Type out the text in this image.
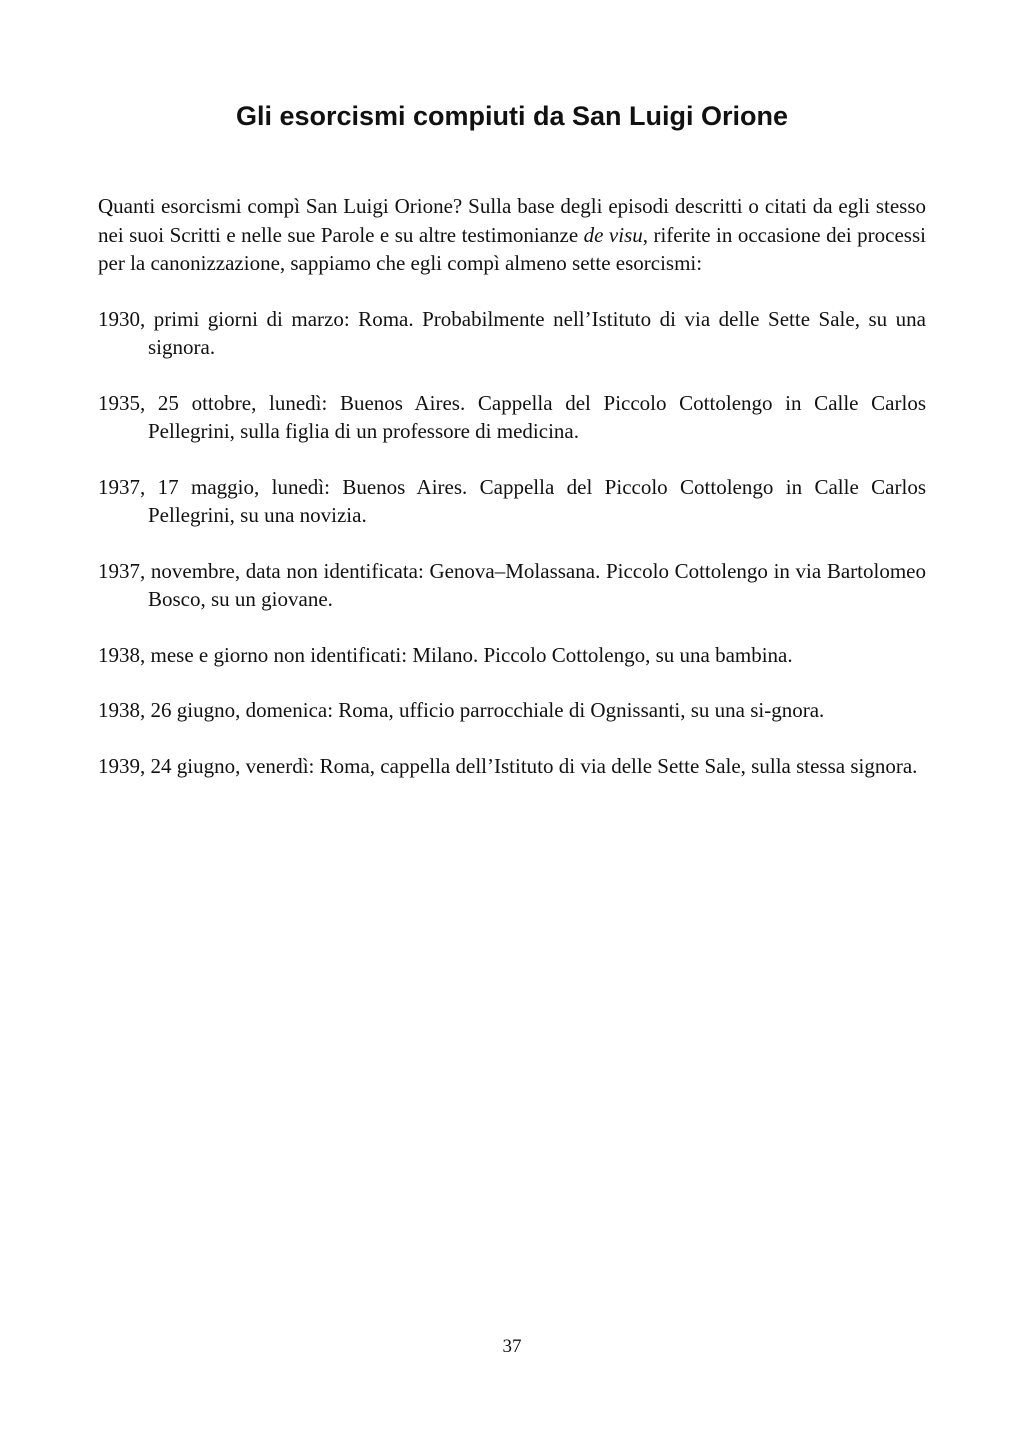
Gli esorcismi compiuti da San Luigi Orione

Quanti esorcismi compì San Luigi Orione? Sulla base degli episodi descritti o citati da egli stesso nei suoi Scritti e nelle sue Parole e su altre testimonianze de visu, riferite in occasione dei processi per la canonizzazione, sappiamo che egli compì almeno sette esorcismi:

1930, primi giorni di marzo: Roma. Probabilmente nell’Istituto di via delle Sette Sale, su una signora.

1935, 25 ottobre, lunedì: Buenos Aires. Cappella del Piccolo Cottolengo in Calle Carlos Pellegrini, sulla figlia di un professore di medicina.

1937, 17 maggio, lunedì: Buenos Aires. Cappella del Piccolo Cottolengo in Calle Carlos Pellegrini, su una novizia.

1937, novembre, data non identificata: Genova–Molassana. Piccolo Cottolengo in via Bartolomeo Bosco, su un giovane.

1938, mese e giorno non identificati: Milano. Piccolo Cottolengo, su una bambina.

1938, 26 giugno, domenica: Roma, ufficio parrocchiale di Ognissanti, su una si-gnora.

1939, 24 giugno, venerdì: Roma, cappella dell’Istituto di via delle Sette Sale, sulla stessa signora.

37
